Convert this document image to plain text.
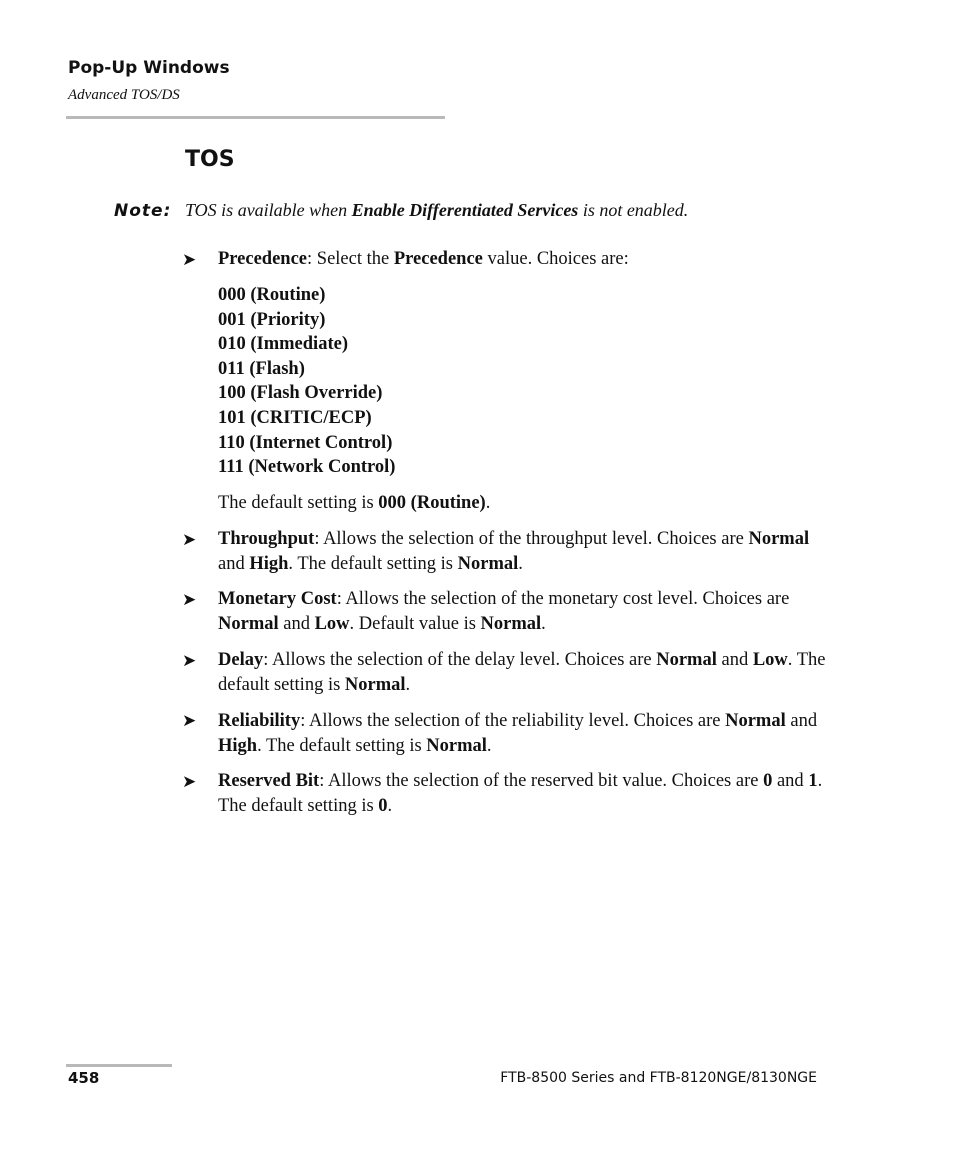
Pop-Up Windows
Advanced TOS/DS
TOS
Note: TOS is available when Enable Differentiated Services is not enabled.
➤ Precedence: Select the Precedence value. Choices are:
000 (Routine)
001 (Priority)
010 (Immediate)
011 (Flash)
100 (Flash Override)
101 (CRITIC/ECP)
110 (Internet Control)
111 (Network Control)
The default setting is 000 (Routine).
➤ Throughput: Allows the selection of the throughput level. Choices are Normal and High. The default setting is Normal.
➤ Monetary Cost: Allows the selection of the monetary cost level. Choices are Normal and Low. Default value is Normal.
➤ Delay: Allows the selection of the delay level. Choices are Normal and Low. The default setting is Normal.
➤ Reliability: Allows the selection of the reliability level. Choices are Normal and High. The default setting is Normal.
➤ Reserved Bit: Allows the selection of the reserved bit value. Choices are 0 and 1. The default setting is 0.
458	FTB-8500 Series and FTB-8120NGE/8130NGE
